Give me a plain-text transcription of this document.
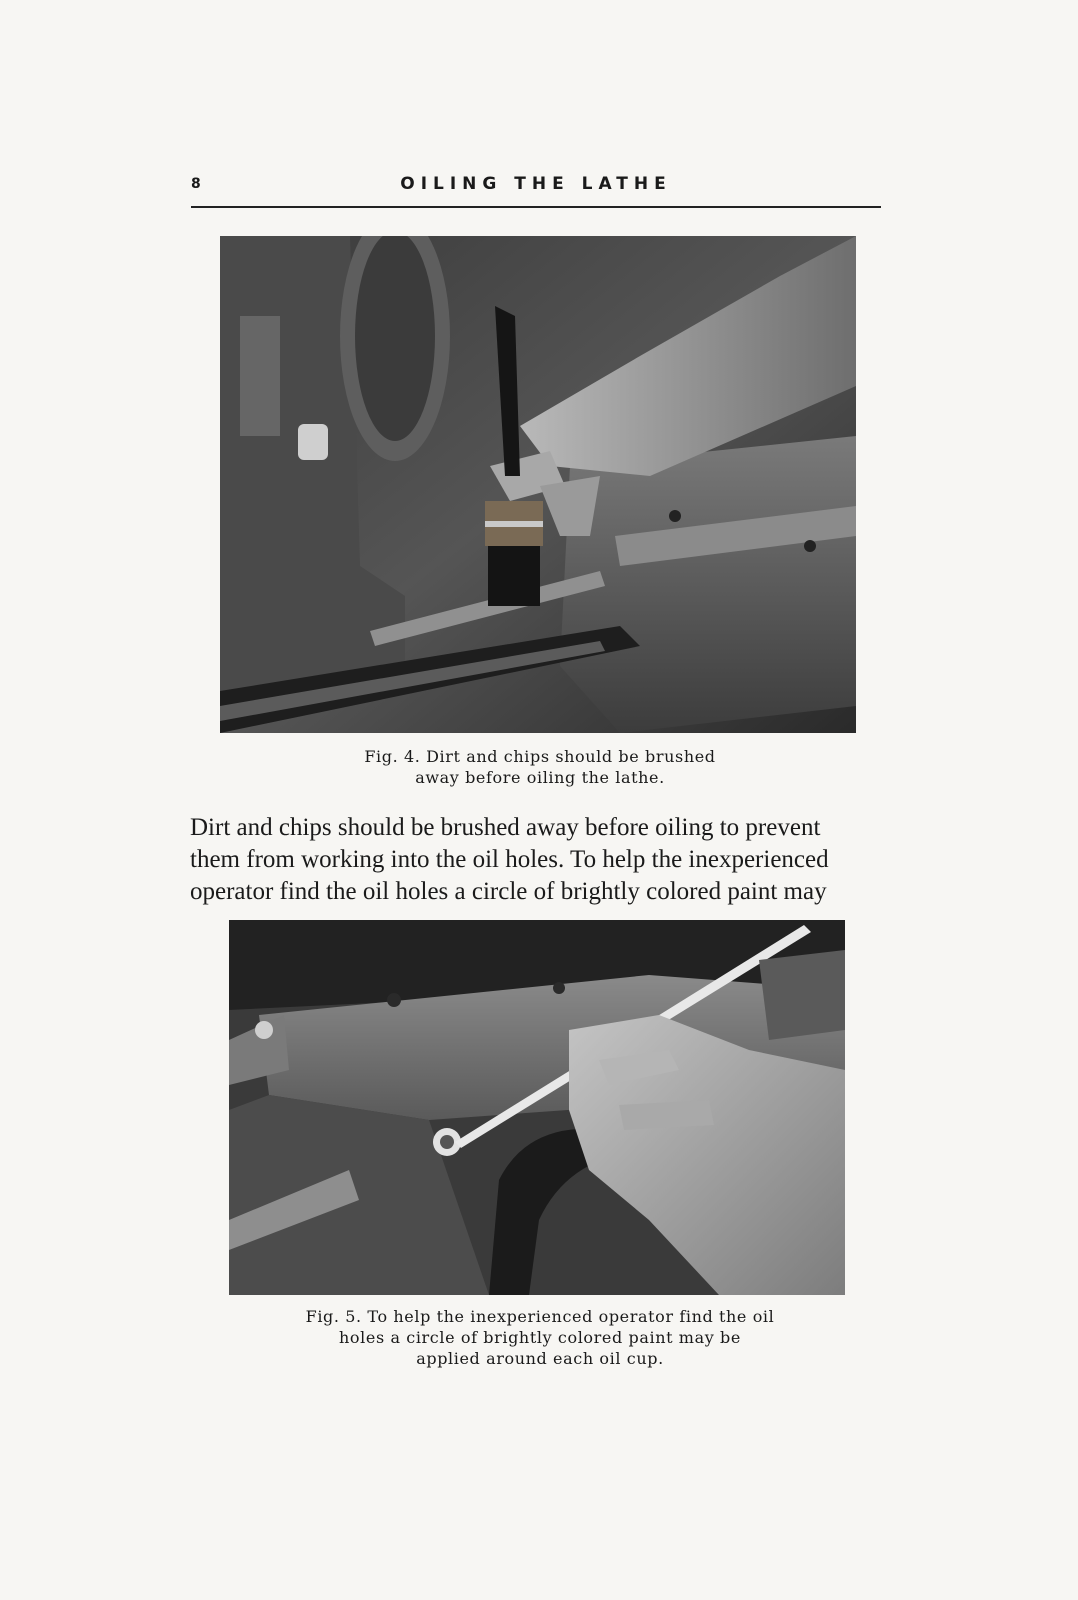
8	OILING THE LATHE
Fig. 4. Dirt and chips should be brushed
away before oiling the lathe.
Dirt and chips should be brushed away before oiling to prevent
them from working into the oil holes. To help the inexperienced
operator find the oil holes a circle of brightly colored paint may
Fig. 5. To help the inexperienced operator find the oil
holes a circle of brightly colored paint may be
applied around each oil cup.
